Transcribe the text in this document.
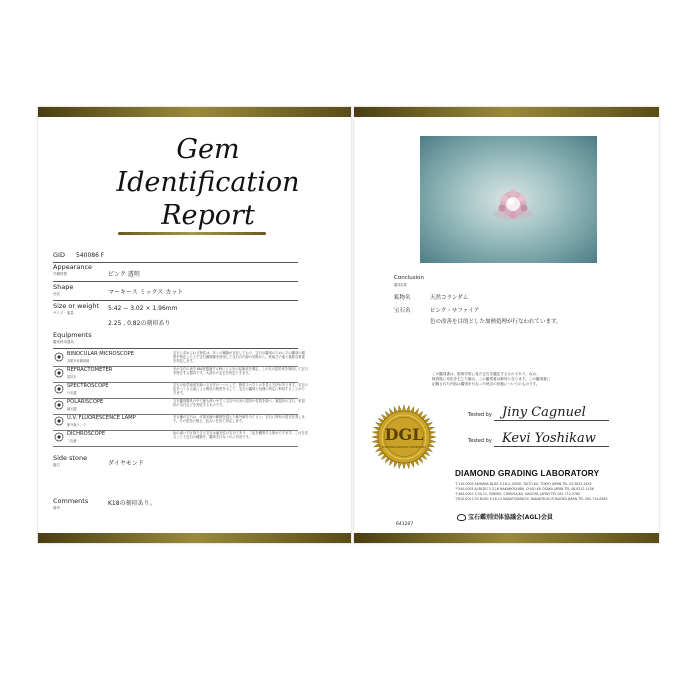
Gem
Identification
Report
GID 540086 F
Appearance
外観特徴	ピンク 透明
Shape
形状	マーキース ミックス カット
Size or weight
サイズ・重量
5.42 − 3.02 × 1.96mm
2.25 , 0.82の刻印あり
Equipments
鑑別使用器具
Side stone
脇石	ダイヤモンド
Comments
備考
K18の刻印あり。
BINOCULAR MICROSCOPE
双眼実体顕微鏡
宝石に求められる特性は、多くの種類が存在しており、宝石の鑑別のためにその構造の観察を特定した上で宝石顕微鏡を使用して宝石の内部の状態から、産地その他と重要な要素を判定します。
REFRACTOMETER
屈折計
光が宝石の表を180度通過する時に入る光の屈曲率を測定、この光の屈折率を利用して宝石を特定する器具です。大部分の宝石を判定できます。
SPECTROSCOPE
分光器
宝石の化学組成を調べる方法の一つとして、吸収スペクトルを見る方法があります。宝石の色をつくる元素による吸収の程度を示して、宝石の鑑別と処理の判定に利用することができます。
POLARISCOPE
偏光器
宝石鑑別器具の中で最も使いやすく宝石中の光の屈折の性質を調べ、複屈折の宝石、単屈折の宝石などを判定するものです。
U.V. FLUORESCENCE LAMP
紫外線ランプ
ある種の宝石は、可視光線の範囲を超えた紫外線を当てると、宝石に特有の蛍光を発します。その蛍光の強さ、色合いを見て判定します。
DICHROSCOPE
二色鏡
色の違いで区別できる宝石は偏光性の宝石であり、二色を観察する事ができます。これを見ることで宝石の種類を、鑑別を行なうのに有効です。
Conclusion
鑑別結果
鉱物名	天然コランダム
宝石名	ピンク・サファイア
色の改善を目的とした加熱処理が行なわれています。
この鑑別書は、鉱物学的に見た宝石を鑑定するものであり、なお、
検査後に変化を生じた場合、この鑑別書は無効となります。この鑑別書に
記載された内容は鑑別を行なった時点の状態についてのものです。
Tested by Jiny Cagnuel
Tested by Kevi Yoshikaw
DGL
DIAMOND GRADING LABORATORY
DIAMOND GRADING LABORATORY
〒110-0005 AKIHABA BLDG 5-18-2, UENO, TAITO-KU, TOKYO JAPAN TEL 03-3832-2432
〒540-0001 AJ BLDG 3-3-16 NAKAMOCHIBA, CHUO-KU OSAKA JAPAN TEL 06-6212-1436
〒464-0001 3-30-12, ISHIKKE, CHIKUSA-KU, NAGOYA, JAPAN TEL 052-712-0780
〒810-0011 SS BLDG 3-16-14 NANATSUMACHI, NAKAKTA-KU FUKUOKA JAPAN TEL 092-714-6385
641207
宝石鑑別団体協議会(AGL)会員
